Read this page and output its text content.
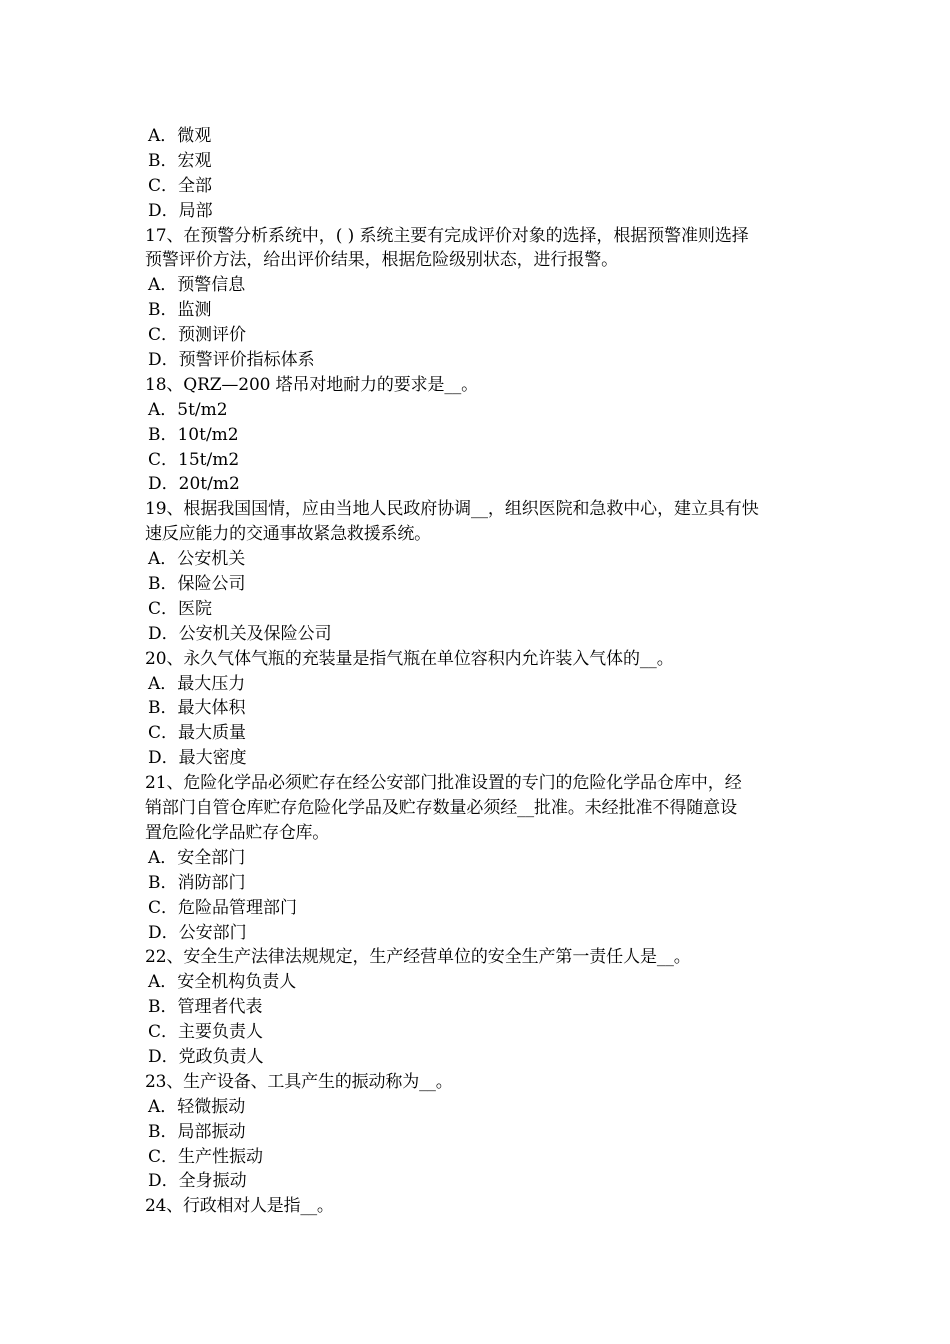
A．微观
B．宏观
C．全部
D．局部
17、在预警分析系统中，( ) 系统主要有完成评价对象的选择，根据预警准则选择
预警评价方法，给出评价结果，根据危险级别状态，进行报警。
A．预警信息
B．监测
C．预测评价
D．预警评价指标体系
18、QRZ—200 塔吊对地耐力的要求是__。
A．5t/m2
B．10t/m2
C．15t/m2
D．20t/m2
19、根据我国国情，应由当地人民政府协调__，组织医院和急救中心，建立具有快
速反应能力的交通事故紧急救援系统。
A．公安机关
B．保险公司
C．医院
D．公安机关及保险公司
20、永久气体气瓶的充装量是指气瓶在单位容积内允许装入气体的__。
A．最大压力
B．最大体积
C．最大质量
D．最大密度
21、危险化学品必须贮存在经公安部门批准设置的专门的危险化学品仓库中，经
销部门自管仓库贮存危险化学品及贮存数量必须经__批准。未经批准不得随意设
置危险化学品贮存仓库。
A．安全部门
B．消防部门
C．危险品管理部门
D．公安部门
22、安全生产法律法规规定，生产经营单位的安全生产第一责任人是__。
A．安全机构负责人
B．管理者代表
C．主要负责人
D．党政负责人
23、生产设备、工具产生的振动称为__。
A．轻微振动
B．局部振动
C．生产性振动
D．全身振动
24、行政相对人是指__。
